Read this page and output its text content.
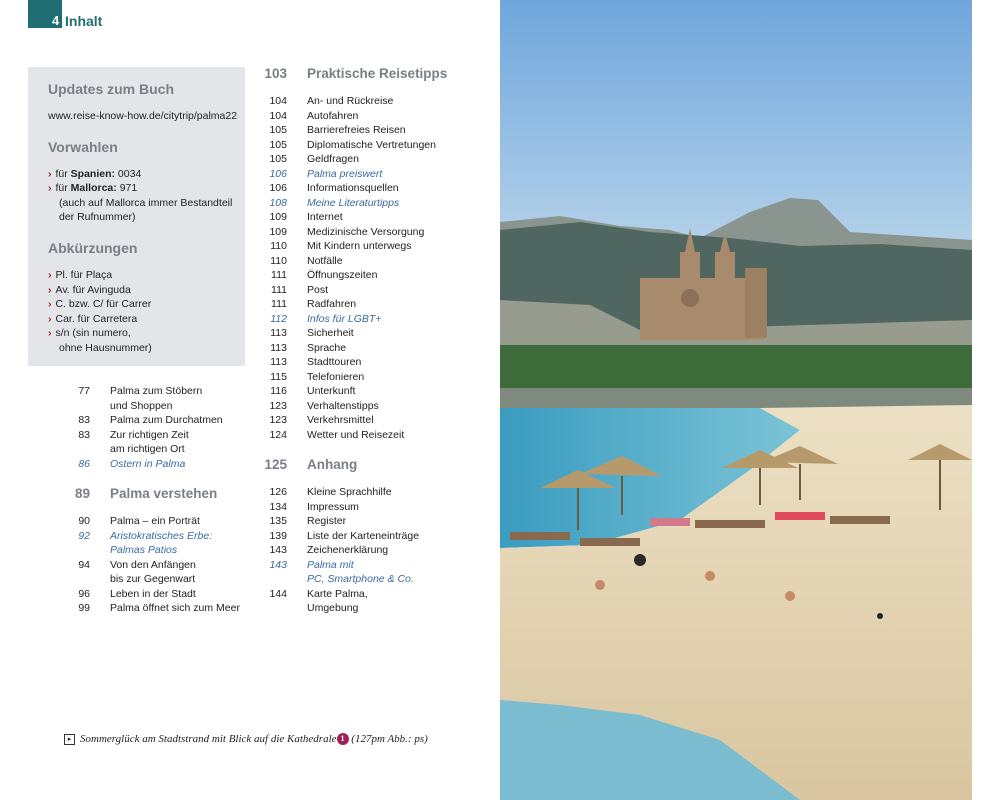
4 Inhalt
Updates zum Buch
www.reise-know-how.de/citytrip/palma22
Vorwahlen
› für Spanien: 0034
› für Mallorca: 971
(auch auf Mallorca immer Bestandteil
der Rufnummer)
Abkürzungen
› Pl. für Plaça
› Av. für Avinguda
› C. bzw. C/ für Carrer
› Car. für Carretera
› s/n (sin numero,
ohne Hausnummer)
77 Palma zum Stöbern
und Shoppen
83 Palma zum Durchatmen
83 Zur richtigen Zeit
am richtigen Ort
86 Ostern in Palma
89 Palma verstehen
90 Palma – ein Porträt
92 Aristokratisches Erbe:
Palmas Patios
94 Von den Anfängen
bis zur Gegenwart
96 Leben in der Stadt
99 Palma öffnet sich zum Meer
103 Praktische Reisetipps
104 An- und Rückreise
104 Autofahren
105 Barrierefreies Reisen
105 Diplomatische Vertretungen
105 Geldfragen
106 Palma preiswert
106 Informationsquellen
108 Meine Literaturtipps
109 Internet
109 Medizinische Versorgung
110 Mit Kindern unterwegs
110 Notfälle
111 Öffnungszeiten
111 Post
111 Radfahren
112 Infos für LGBT+
113 Sicherheit
113 Sprache
113 Stadttouren
115 Telefonieren
116 Unterkunft
123 Verhaltenstipps
123 Verkehrsmittel
124 Wetter und Reisezeit
125 Anhang
126 Kleine Sprachhilfe
134 Impressum
135 Register
139 Liste der Karteneinträge
143 Zeichenerklärung
143 Palma mit
PC, Smartphone & Co.
144 Karte Palma,
Umgebung
▸ Sommerglück am Stadtstrand mit Blick auf die Kathedrale 1 (127pm Abb.: ps)
